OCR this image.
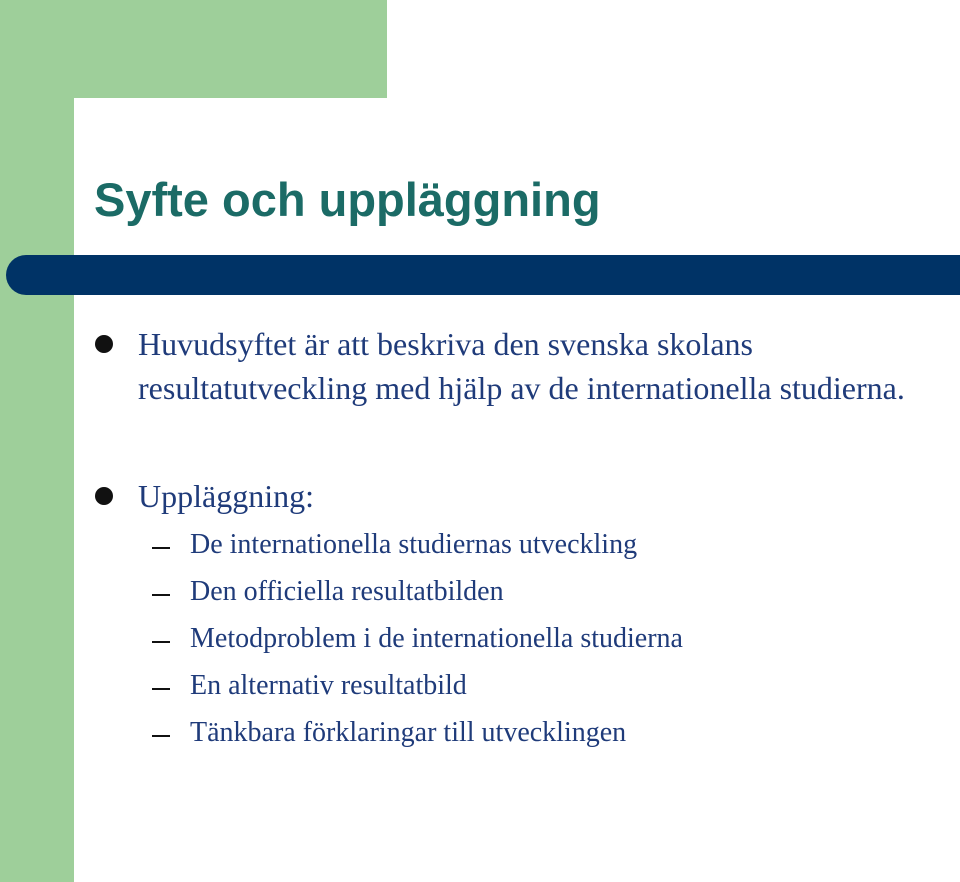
Syfte och uppläggning

Huvudsyftet är att beskriva den svenska skolans resultatutveckling med hjälp av de internationella studierna.

Uppläggning:

De internationella studiernas utveckling

Den officiella resultatbilden

Metodproblem i de internationella studierna

En alternativ resultatbild

Tänkbara förklaringar till utvecklingen
